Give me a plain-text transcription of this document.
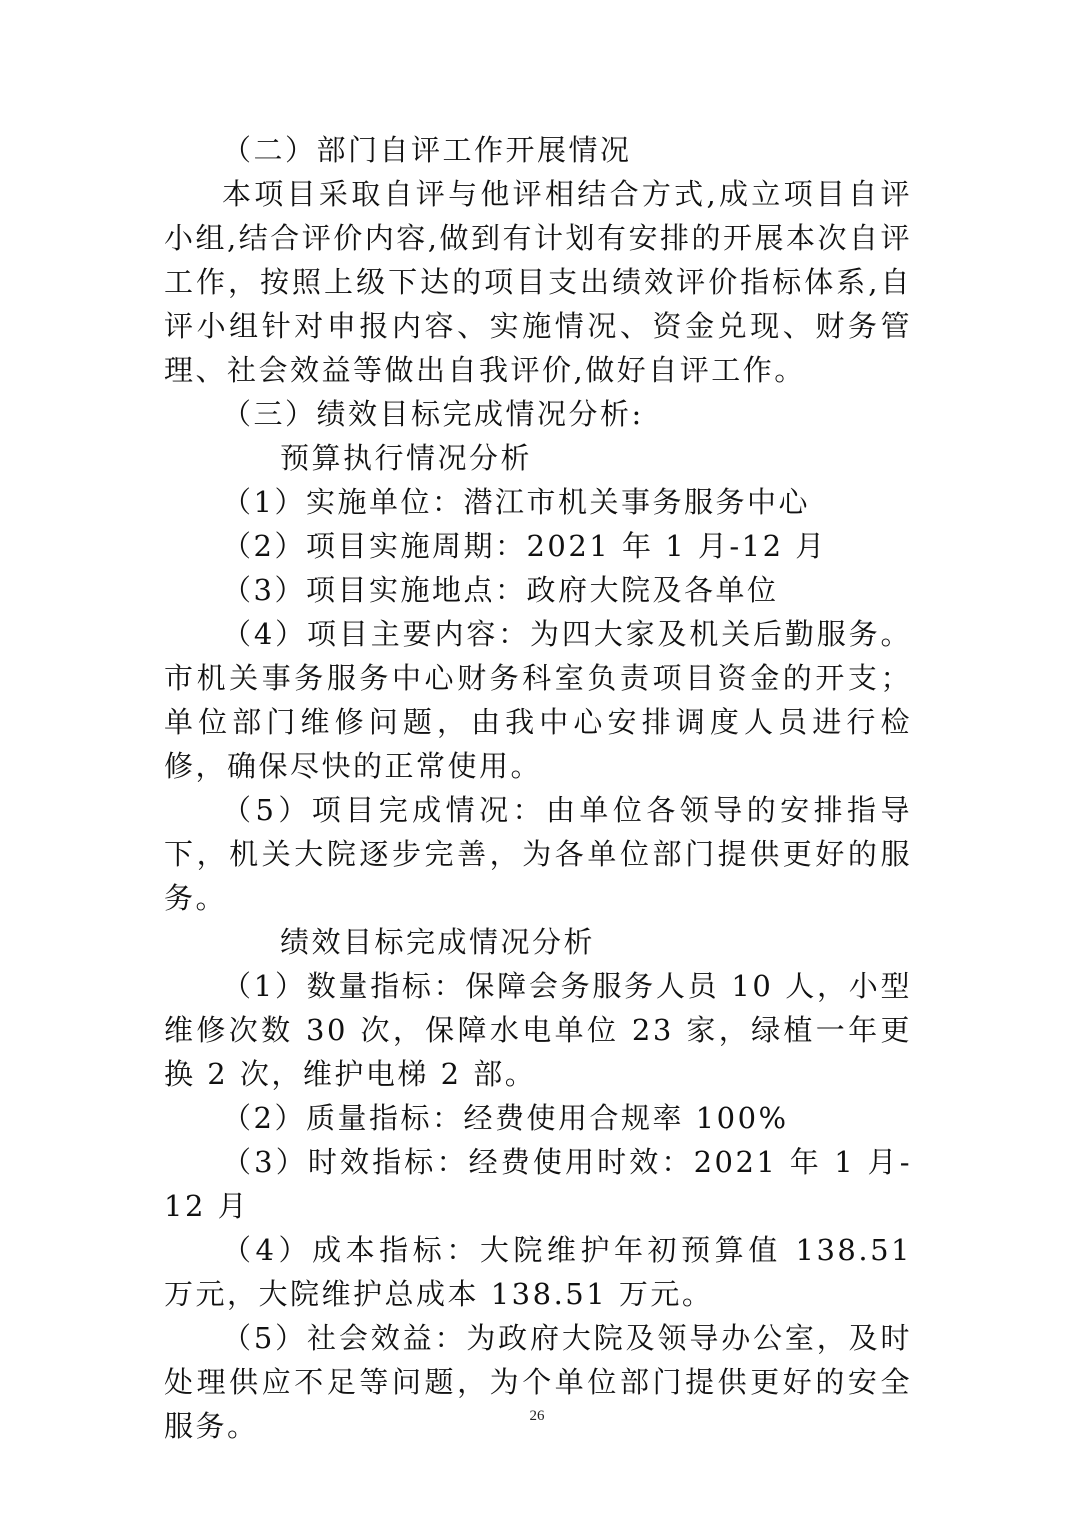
（二）部门自评工作开展情况

本项目采取自评与他评相结合方式,成立项目自评小组,结合评价内容,做到有计划有安排的开展本次自评工作，按照上级下达的项目支出绩效评价指标体系,自评小组针对申报内容、实施情况、资金兑现、财务管理、社会效益等做出自我评价,做好自评工作。

（三）绩效目标完成情况分析:

预算执行情况分析

（1）实施单位：潜江市机关事务服务中心

（2）项目实施周期：2021 年 1 月-12 月

（3）项目实施地点：政府大院及各单位

（4）项目主要内容：为四大家及机关后勤服务。市机关事务服务中心财务科室负责项目资金的开支；单位部门维修问题，由我中心安排调度人员进行检修，确保尽快的正常使用。

（5）项目完成情况：由单位各领导的安排指导下，机关大院逐步完善，为各单位部门提供更好的服务。

绩效目标完成情况分析

（1）数量指标：保障会务服务人员 10 人，小型维修次数 30 次，保障水电单位 23 家，绿植一年更换 2 次，维护电梯 2 部。

（2）质量指标：经费使用合规率 100%

（3）时效指标：经费使用时效：2021 年 1 月-12 月

（4）成本指标：大院维护年初预算值 138.51 万元，大院维护总成本 138.51 万元。

（5）社会效益：为政府大院及领导办公室，及时处理供应不足等问题，为个单位部门提供更好的安全服务。	26
